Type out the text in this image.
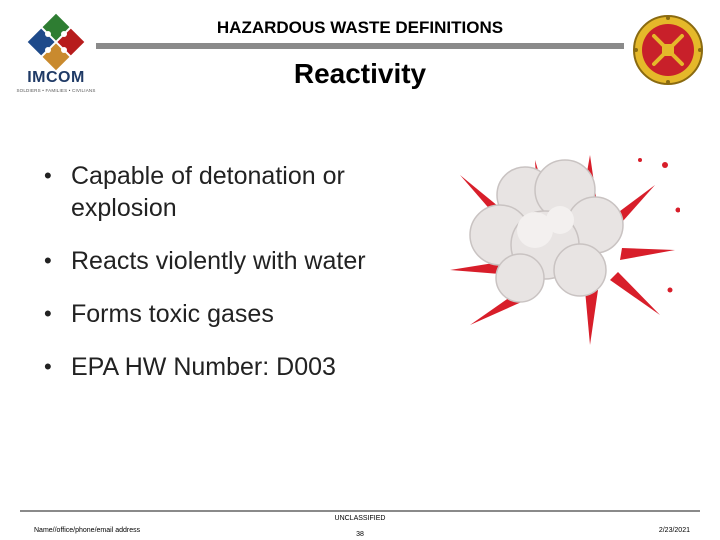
HAZARDOUS WASTE DEFINITIONS
Reactivity
IMCOM
SOLDIERS • FAMILIES • CIVILIANS
• Capable of detonation or explosion
• Reacts violently with water
• Forms toxic gases
• EPA HW Number: D003
Name//office/phone/email address
UNCLASSIFIED
38
2/23/2021
